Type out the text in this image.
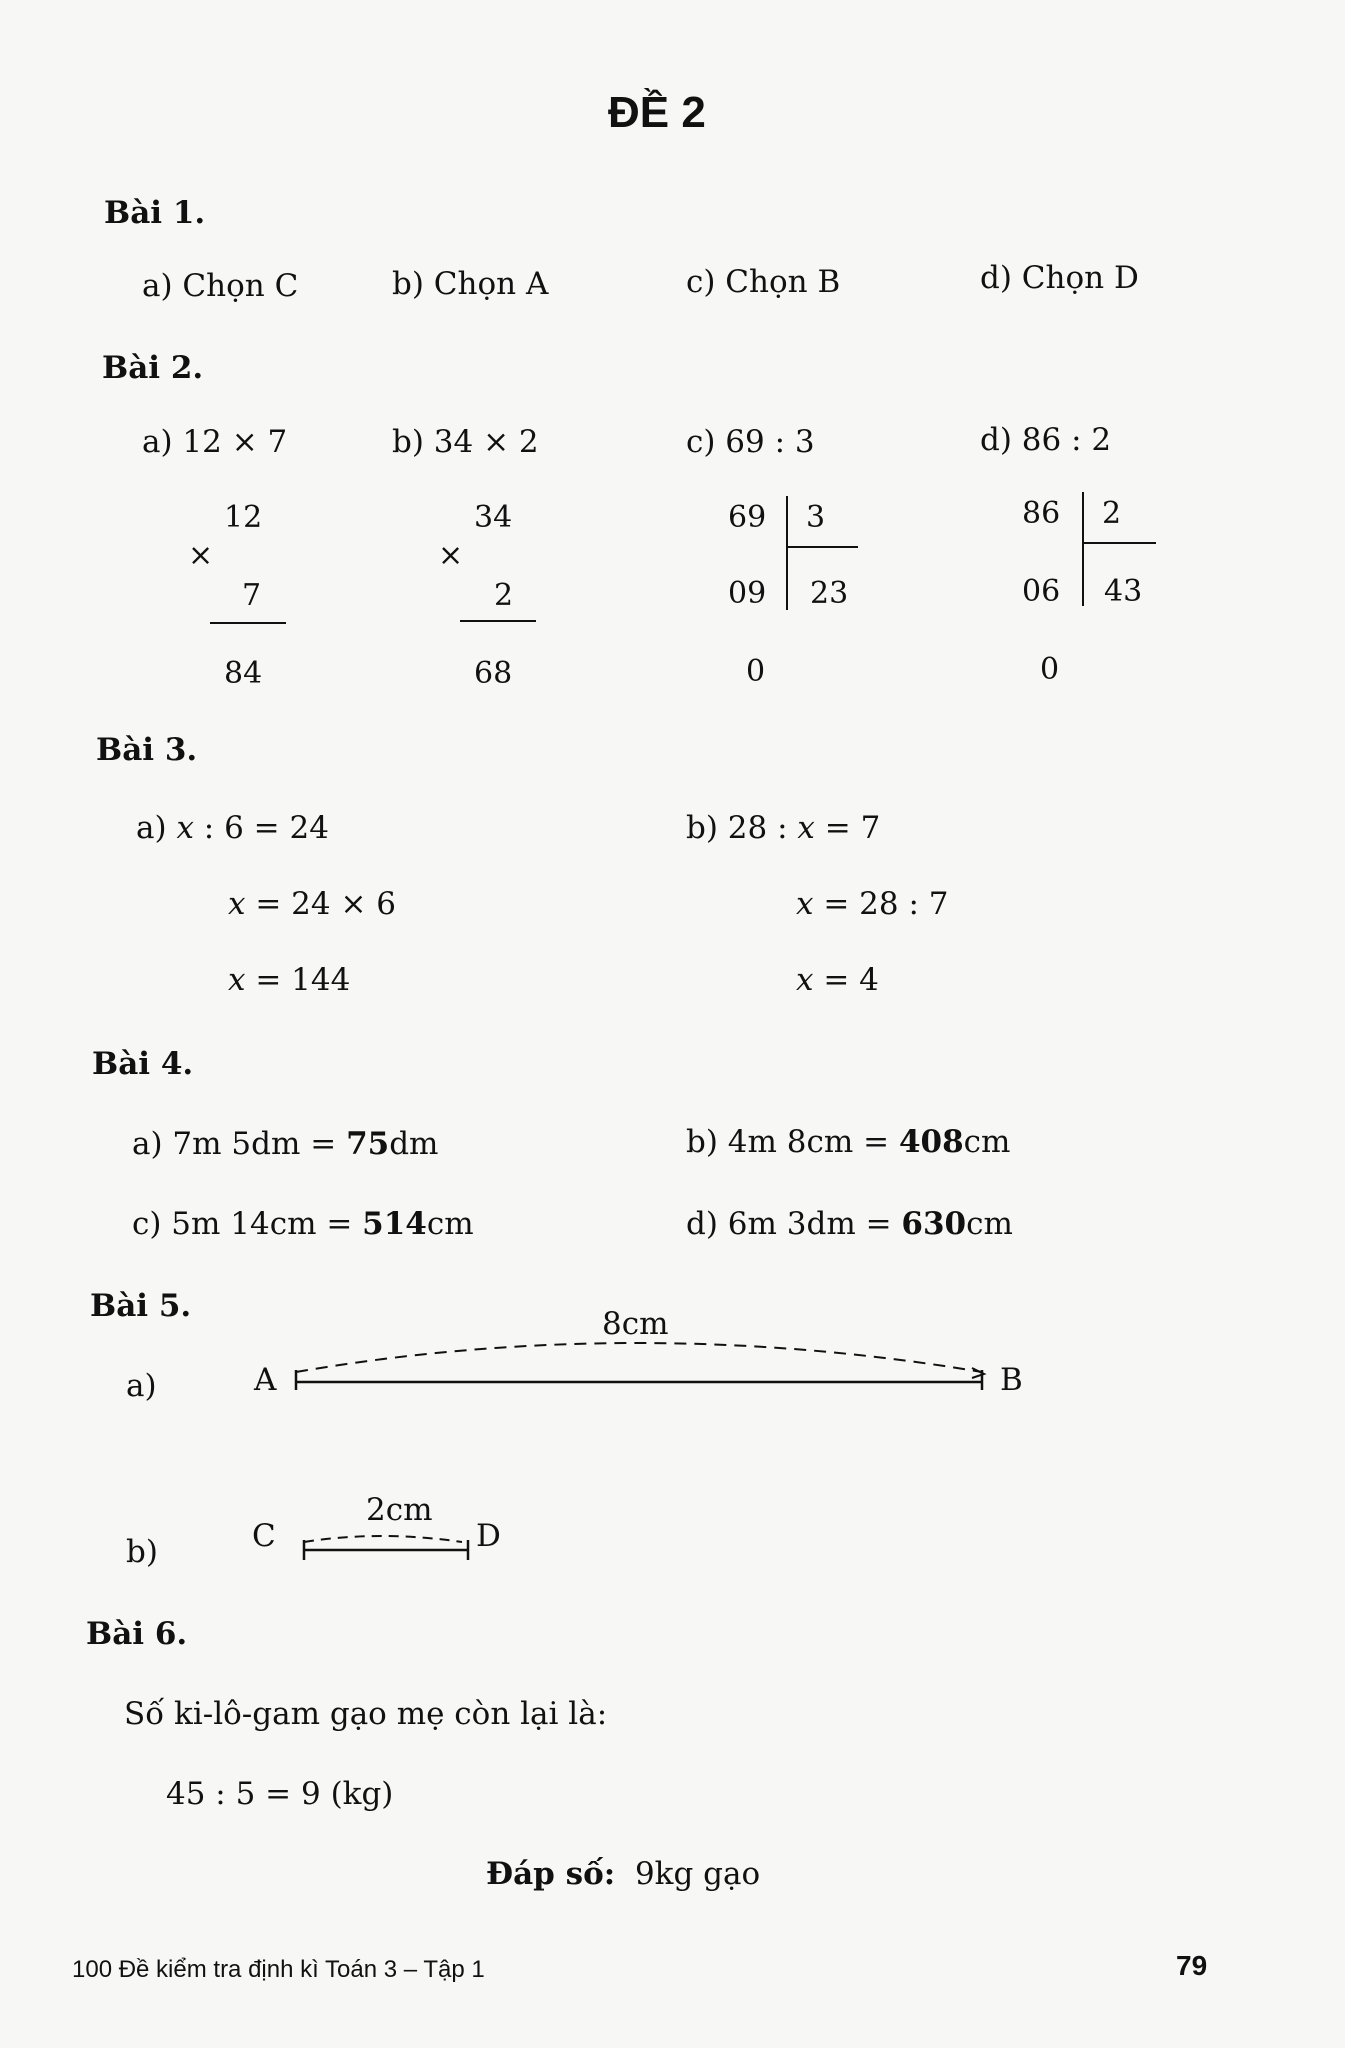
ĐỀ 2
Bài 1.
a) Chọn C	b) Chọn A	c) Chọn B	d) Chọn D
Bài 2.
a) 12 × 7	b) 34 × 2	c) 69 : 3	d) 86 : 2
12
×
7
84
34
×
2
68
69 3
09 23
0
86 2
06 43
0
Bài 3.
a) x : 6 = 24
x = 24 × 6
x = 144
b) 28 : x = 7
x = 28 : 7
x = 4
Bài 4.
a) 7m 5dm = 75dm	b) 4m 8cm = 408cm
c) 5m 14cm = 514cm	d) 6m 3dm = 630cm
Bài 5.
a)	A	B
8cm
b)	C	D
2cm
Bài 6.
Số ki-lô-gam gạo mẹ còn lại là:
45 : 5 = 9 (kg)
Đáp số: 9kg gạo
100 Đề kiểm tra định kì Toán 3 – Tập 1	79
